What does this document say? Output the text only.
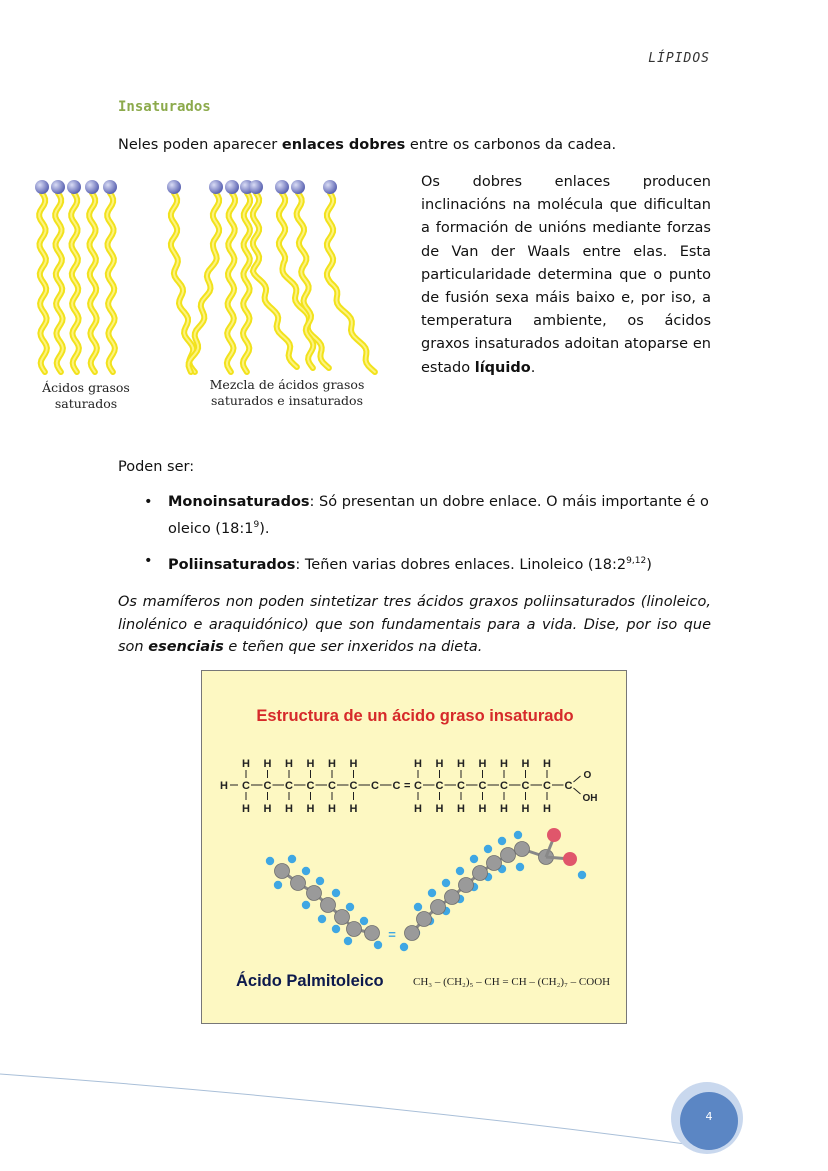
LÍPIDOS
Insaturados
Neles poden aparecer enlaces dobres entre os carbonos da cadea.
Ácidos grasos saturados
Mezcla de ácidos grasos saturados e insaturados
Os dobres enlaces producen inclinacións na molécula que dificultan a formación de unións mediante forzas de Van der Waals entre elas. Esta particularidade determina que o punto de fusión sexa máis baixo e, por iso, a temperatura ambiente, os ácidos graxos insaturados adoitan atoparse en estado líquido.
Poden ser:
• Monoinsaturados: Só presentan un dobre enlace. O máis importante é o oleico $(18:1^9)$.
• Poliinsaturados: Teñen varias dobres enlaces. Linoleico (18:2$^{9,12}$)
Os mamíferos non poden sintetizar tres ácidos graxos poliinsaturados (linoleico, linolénico e araquidónico) que son fundamentais para a vida. Dise, por iso que son esenciais e teñen que ser inxeridos na dieta.
Estructura de un ácido graso insaturado
H C
H
H
C
H
H
C
H
H
C
H
H
C
H
H
C
H
H
C C = C
H
H
C
H
H
C
H
H
C
H
H
C
H
H
C
H
H
C
H
H
C
O
OH
=
Ácido Palmitoleico	CH₃ – (CH₂)₅ – CH = CH – (CH₂)₇ – COOH
4
